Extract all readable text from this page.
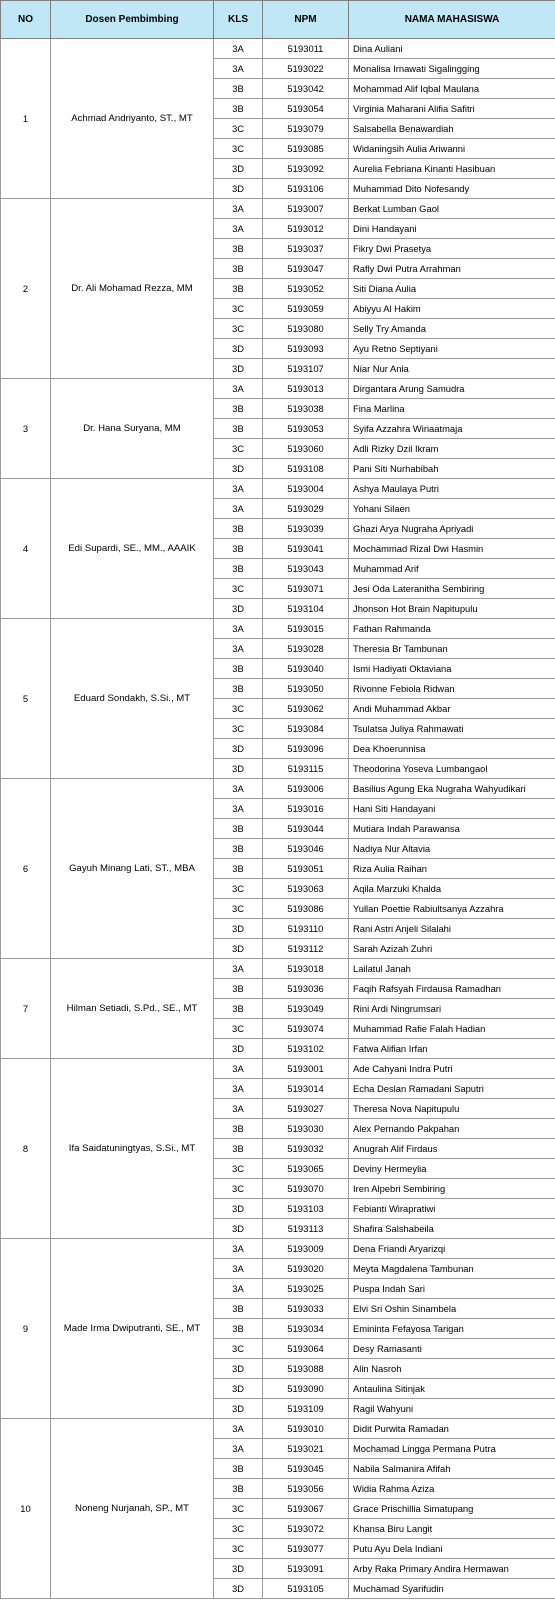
NO	Dosen Pembimbing	KLS	NPM	NAMA MAHASISWA
1	Achmad Andriyanto, ST., MT	3A	5193011	Dina Auliani
		3A	5193022	Monalisa Irnawati Sigalingging
		3B	5193042	Mohammad Alif Iqbal Maulana
		3B	5193054	Virginia Maharani Alifia Safitri
		3C	5193079	Salsabella Benawardiah
		3C	5193085	Widaningsih Aulia Ariwanni
		3D	5193092	Aurelia Febriana Kinanti Hasibuan
		3D	5193106	Muhammad Dito Nofesandy
2	Dr. Ali Mohamad Rezza, MM	3A	5193007	Berkat Lumban Gaol
		3A	5193012	Dini Handayani
		3B	5193037	Fikry Dwi Prasetya
		3B	5193047	Rafly Dwi Putra Arrahman
		3B	5193052	Siti Diana Aulia
		3C	5193059	Abiyyu Al Hakim
		3C	5193080	Selly Try Amanda
		3D	5193093	Ayu Retno Septiyani
		3D	5193107	Niar Nur Ania
3	Dr. Hana Suryana, MM	3A	5193013	Dirgantara Arung Samudra
		3B	5193038	Fina Marlina
		3B	5193053	Syifa Azzahra Wiriaatmaja
		3C	5193060	Adli Rizky Dzil Ikram
		3D	5193108	Pani Siti Nurhabibah
4	Edi Supardi, SE., MM., AAAIK	3A	5193004	Ashya Maulaya Putri
		3A	5193029	Yohani Silaen
		3B	5193039	Ghazi Arya Nugraha Apriyadi
		3B	5193041	Mochammad Rizal Dwi Hasmin
		3B	5193043	Muhammad Arif
		3C	5193071	Jesi Oda Lateranitha Sembiring
		3D	5193104	Jhonson Hot Brain Napitupulu
5	Eduard Sondakh, S.Si., MT	3A	5193015	Fathan Rahmanda
		3A	5193028	Theresia Br Tambunan
		3B	5193040	Ismi Hadiyati Oktaviana
		3B	5193050	Rivonne Febiola Ridwan
		3C	5193062	Andi Muhammad Akbar
		3C	5193084	Tsulatsa Juliya Rahmawati
		3D	5193096	Dea Khoerunnisa
		3D	5193115	Theodorina Yoseva Lumbangaol
6	Gayuh Minang Lati, ST., MBA	3A	5193006	Basilius Agung Eka Nugraha Wahyudikari
		3A	5193016	Hani Siti Handayani
		3B	5193044	Mutiara Indah Parawansa
		3B	5193046	Nadiya Nur Altavia
		3B	5193051	Riza Aulia Raihan
		3C	5193063	Aqila Marzuki Khalda
		3C	5193086	Yullan Poettie Rabiultsanya Azzahra
		3D	5193110	Rani Astri Anjeli Silalahi
		3D	5193112	Sarah Azizah Zuhri
7	Hilman Setiadi, S.Pd., SE., MT	3A	5193018	Lailatul Janah
		3B	5193036	Faqih Rafsyah Firdausa Ramadhan
		3B	5193049	Rini Ardi Ningrumsari
		3C	5193074	Muhammad Rafie Falah Hadian
		3D	5193102	Fatwa Alifian Irfan
8	Ifa Saidatuningtyas, S.Si., MT	3A	5193001	Ade Cahyani Indra Putri
		3A	5193014	Echa Deslan Ramadani Saputri
		3A	5193027	Theresa Nova Napitupulu
		3B	5193030	Alex Pernando Pakpahan
		3B	5193032	Anugrah Alif Firdaus
		3C	5193065	Deviny Hermeylia
		3C	5193070	Iren Alpebri Sembiring
		3D	5193103	Febianti Wirapratiwi
		3D	5193113	Shafira Salshabeila
9	Made Irma Dwiputranti, SE., MT	3A	5193009	Dena Friandi Aryarizqi
		3A	5193020	Meyta Magdalena Tambunan
		3A	5193025	Puspa Indah Sari
		3B	5193033	Elvi Sri Oshin Sinambela
		3B	5193034	Emininta Fefayosa Tarigan
		3C	5193064	Desy Ramasanti
		3D	5193088	Alin Nasroh
		3D	5193090	Antaulina Sitinjak
		3D	5193109	Ragil Wahyuni
10	Noneng Nurjanah, SP., MT	3A	5193010	Didit Purwita Ramadan
		3A	5193021	Mochamad Lingga Permana Putra
		3B	5193045	Nabila Salmanira Afifah
		3B	5193056	Widia Rahma Aziza
		3C	5193067	Grace Prischillia Simatupang
		3C	5193072	Khansa Biru Langit
		3C	5193077	Putu Ayu Dela Indiani
		3D	5193091	Arby Raka Primary Andira Hermawan
		3D	5193105	Muchamad Syarifudin
